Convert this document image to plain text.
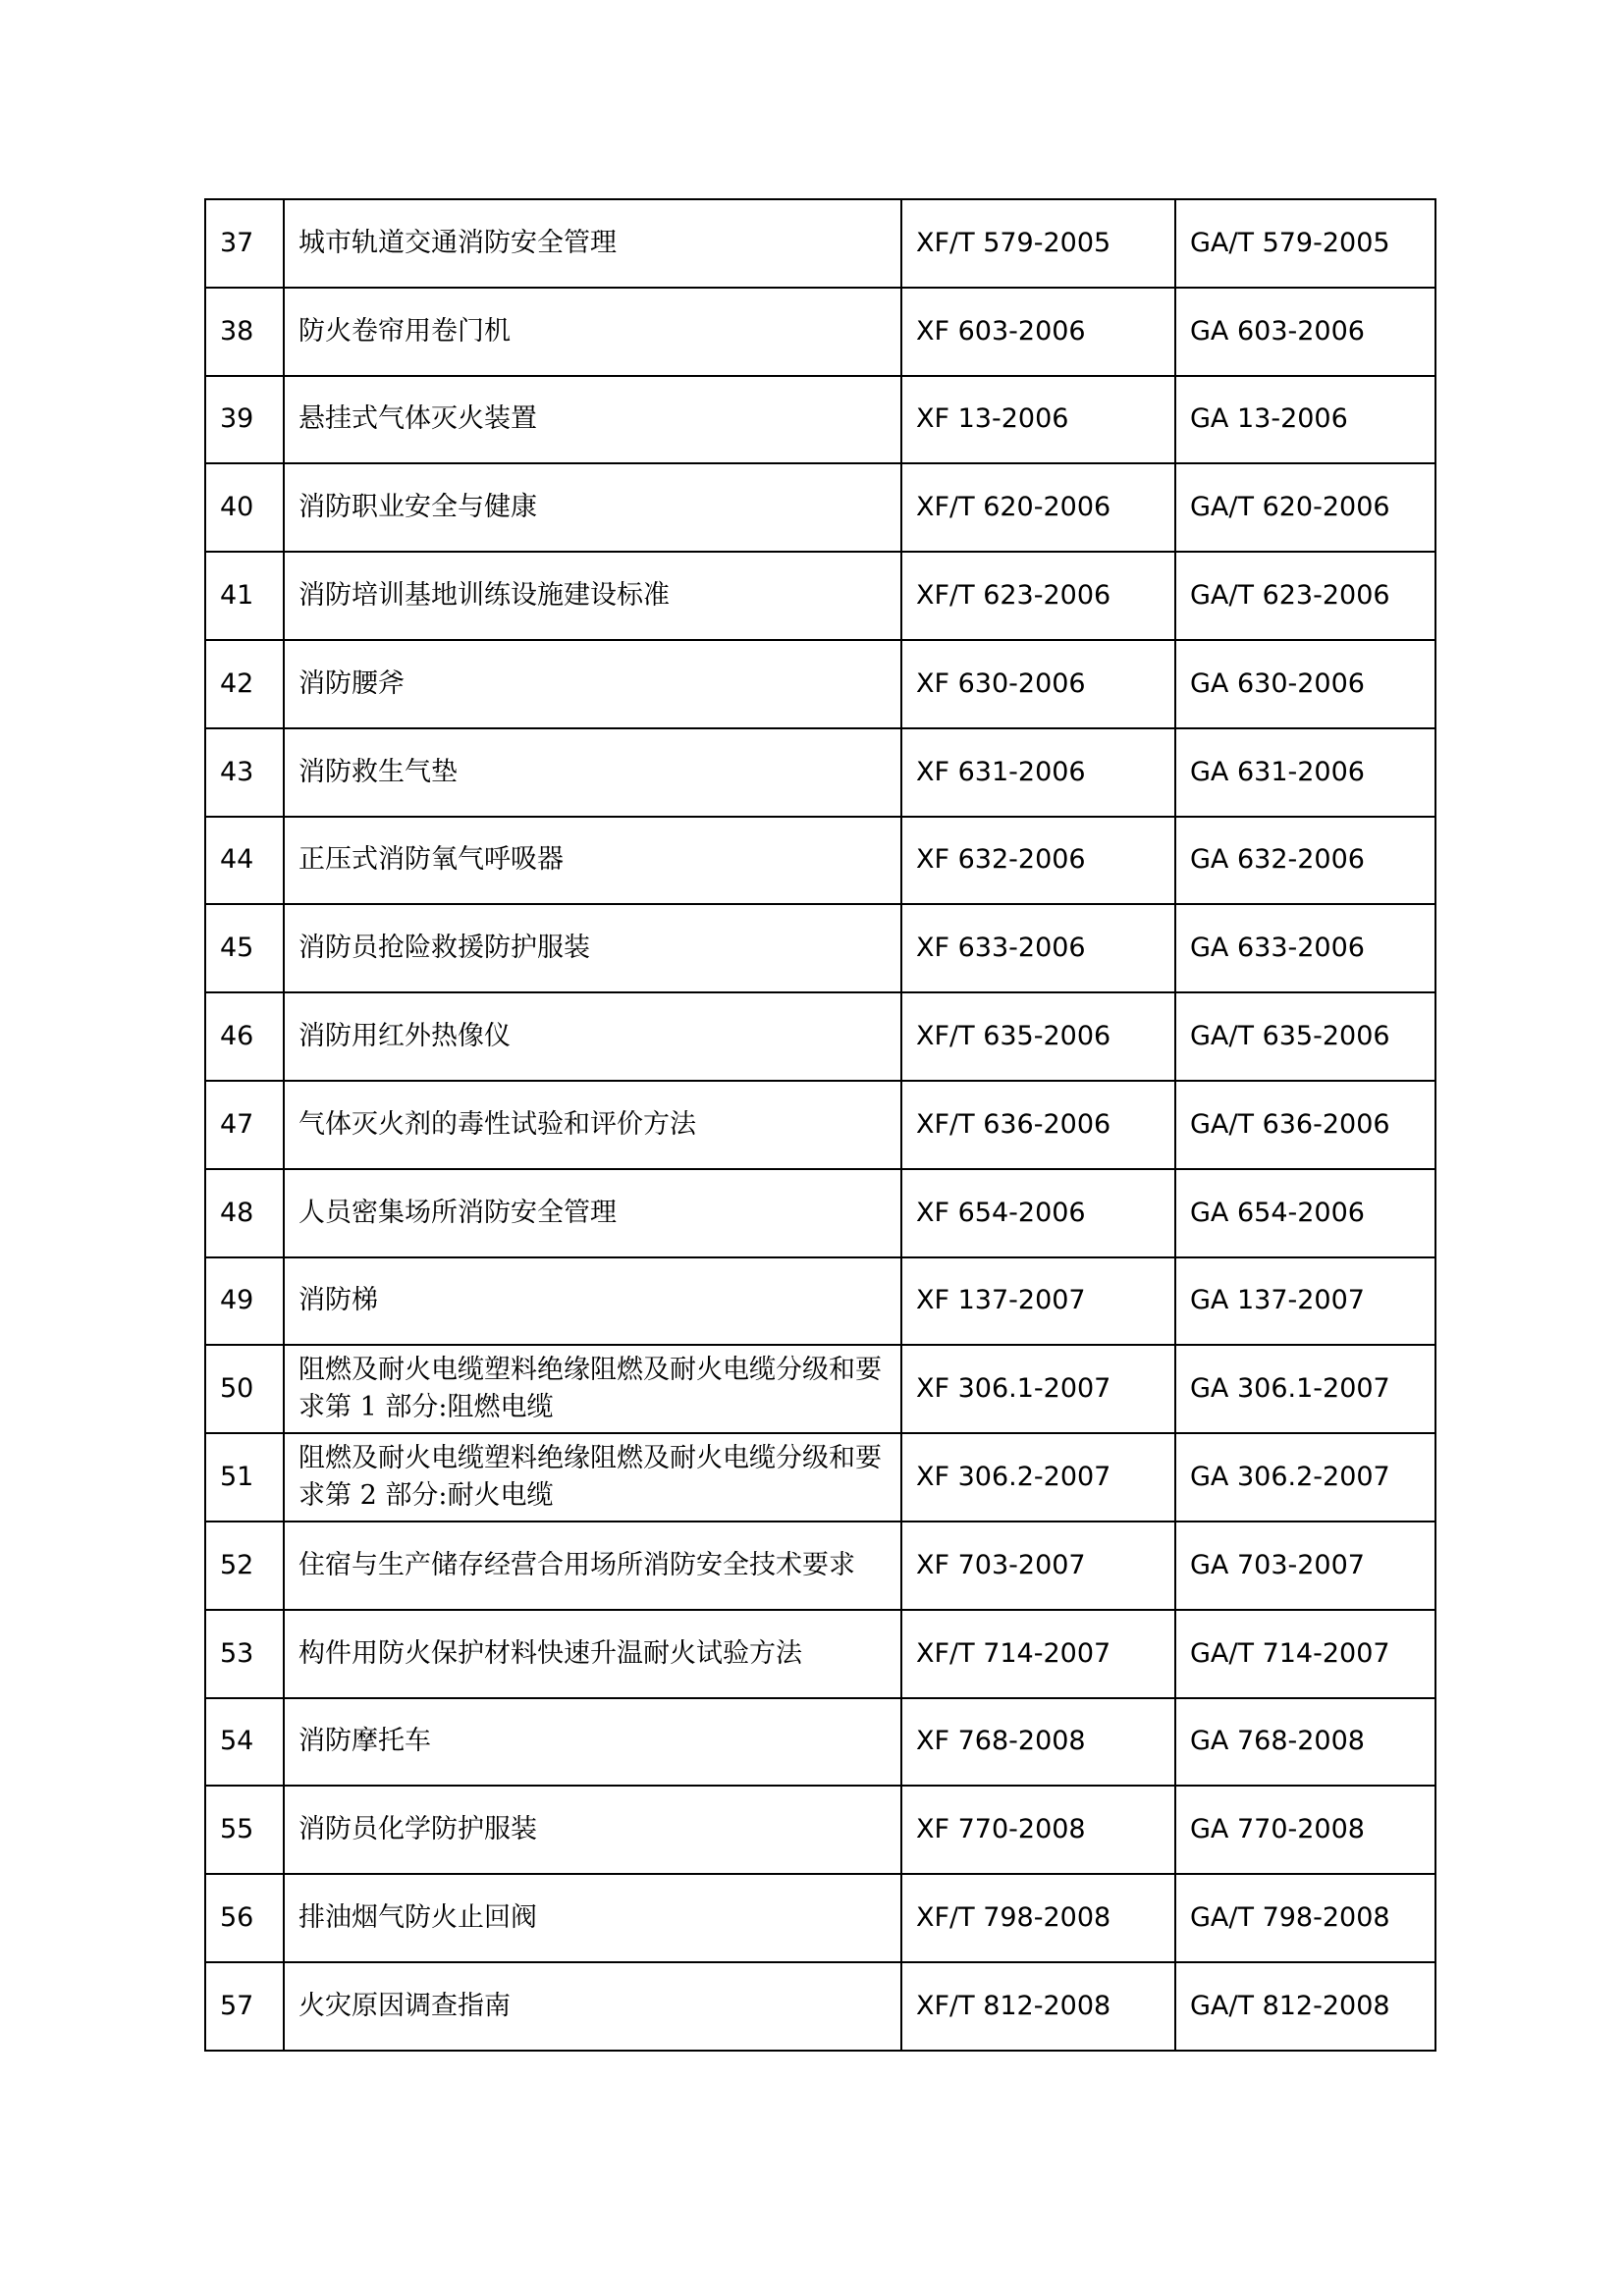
37	城市轨道交通消防安全管理	XF/T 579-2005	GA/T 579-2005
38	防火卷帘用卷门机	XF 603-2006	GA 603-2006
39	悬挂式气体灭火装置	XF 13-2006	GA 13-2006
40	消防职业安全与健康	XF/T 620-2006	GA/T 620-2006
41	消防培训基地训练设施建设标准	XF/T 623-2006	GA/T 623-2006
42	消防腰斧	XF 630-2006	GA 630-2006
43	消防救生气垫	XF 631-2006	GA 631-2006
44	正压式消防氧气呼吸器	XF 632-2006	GA 632-2006
45	消防员抢险救援防护服装	XF 633-2006	GA 633-2006
46	消防用红外热像仪	XF/T 635-2006	GA/T 635-2006
47	气体灭火剂的毒性试验和评价方法	XF/T 636-2006	GA/T 636-2006
48	人员密集场所消防安全管理	XF 654-2006	GA 654-2006
49	消防梯	XF 137-2007	GA 137-2007
50	阻燃及耐火电缆塑料绝缘阻燃及耐火电缆分级和要求第 1 部分:阻燃电缆	XF 306.1-2007	GA 306.1-2007
51	阻燃及耐火电缆塑料绝缘阻燃及耐火电缆分级和要求第 2 部分:耐火电缆	XF 306.2-2007	GA 306.2-2007
52	住宿与生产储存经营合用场所消防安全技术要求	XF 703-2007	GA 703-2007
53	构件用防火保护材料快速升温耐火试验方法	XF/T 714-2007	GA/T 714-2007
54	消防摩托车	XF 768-2008	GA 768-2008
55	消防员化学防护服装	XF 770-2008	GA 770-2008
56	排油烟气防火止回阀	XF/T 798-2008	GA/T 798-2008
57	火灾原因调查指南	XF/T 812-2008	GA/T 812-2008
